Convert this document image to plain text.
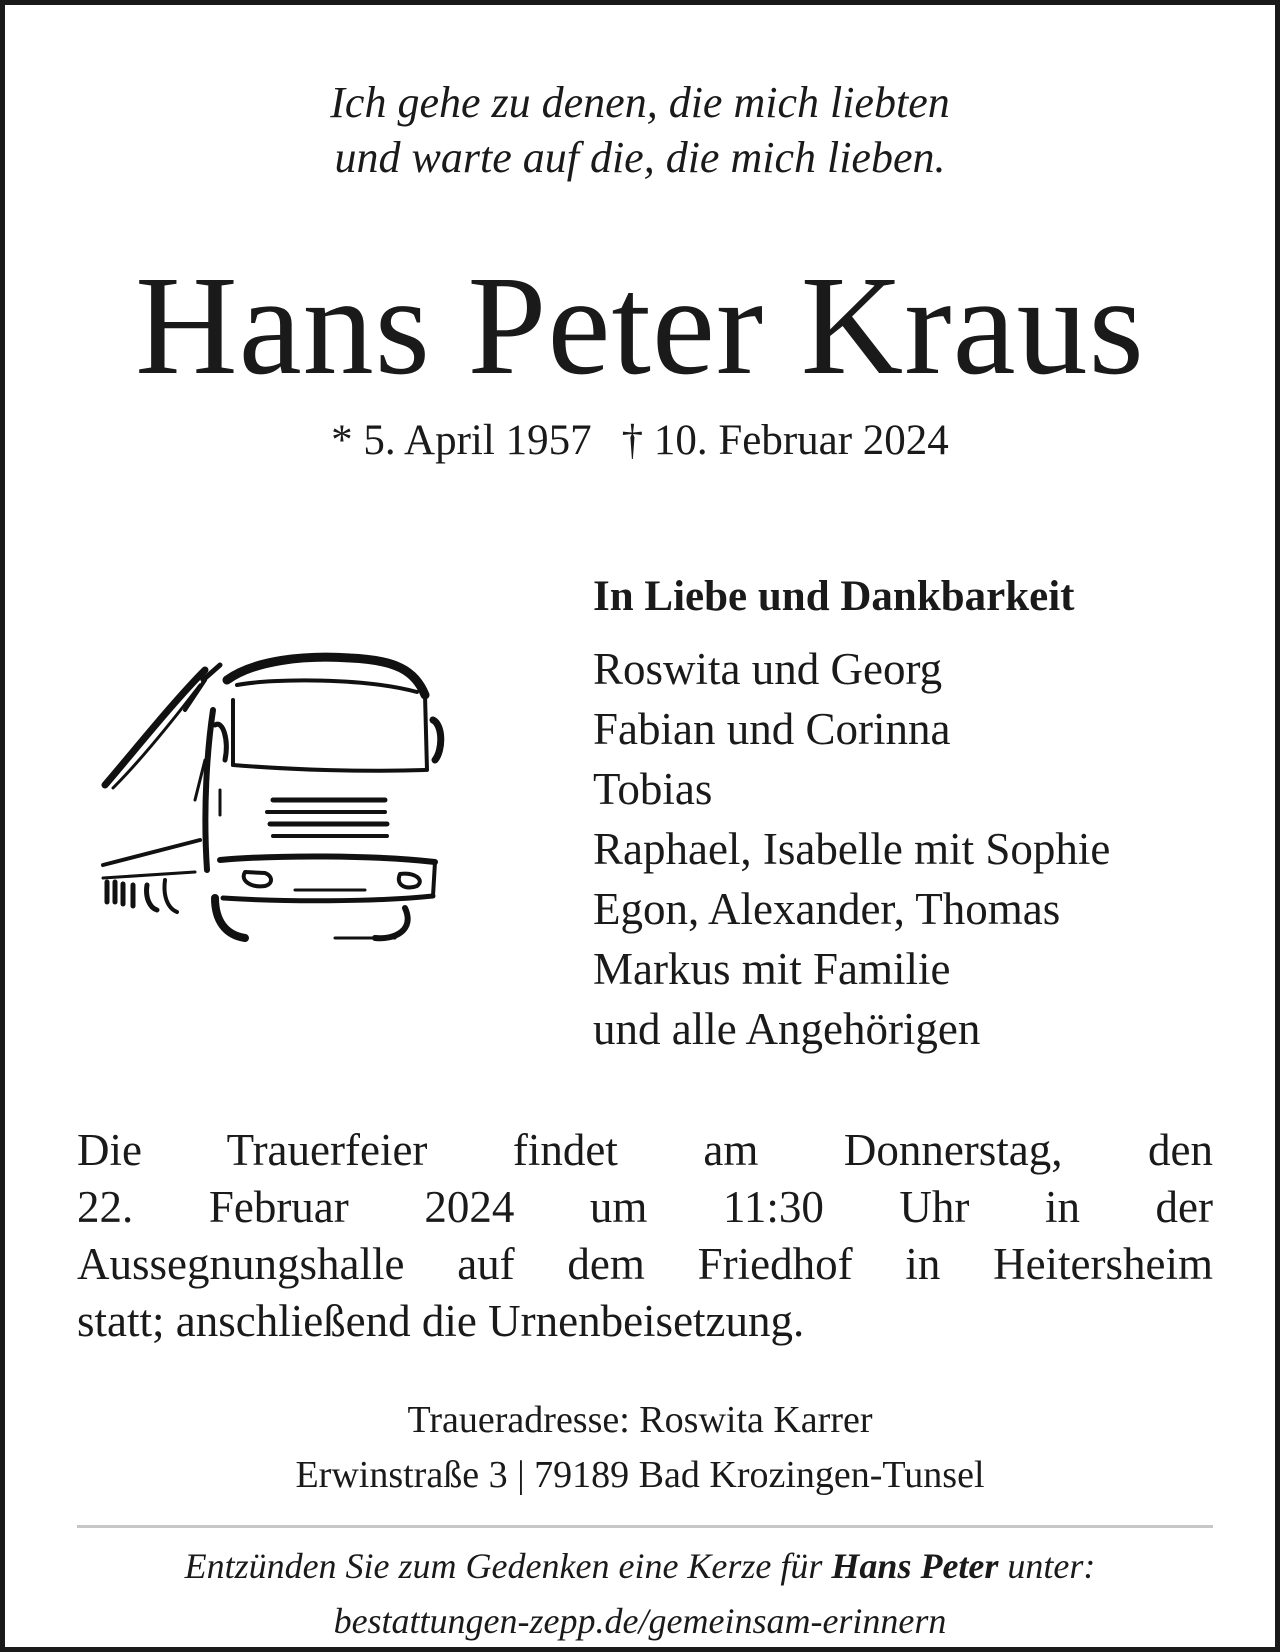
Ich gehe zu denen, die mich liebten
und warte auf die, die mich lieben.
Hans Peter Kraus
* 5. April 1957 † 10. Februar 2024
In Liebe und Dankbarkeit
Roswita und Georg
Fabian und Corinna
Tobias
Raphael, Isabelle mit Sophie
Egon, Alexander, Thomas
Markus mit Familie
und alle Angehörigen
Die Trauerfeier findet am Donnerstag, den
22. Februar 2024 um 11:30 Uhr in der
Aussegnungshalle auf dem Friedhof in Heitersheim
statt; anschließend die Urnenbeisetzung.
Traueradresse: Roswita Karrer
Erwinstraße 3 | 79189 Bad Krozingen-Tunsel
Entzünden Sie zum Gedenken eine Kerze für Hans Peter unter:
bestattungen-zepp.de/gemeinsam-erinnern
